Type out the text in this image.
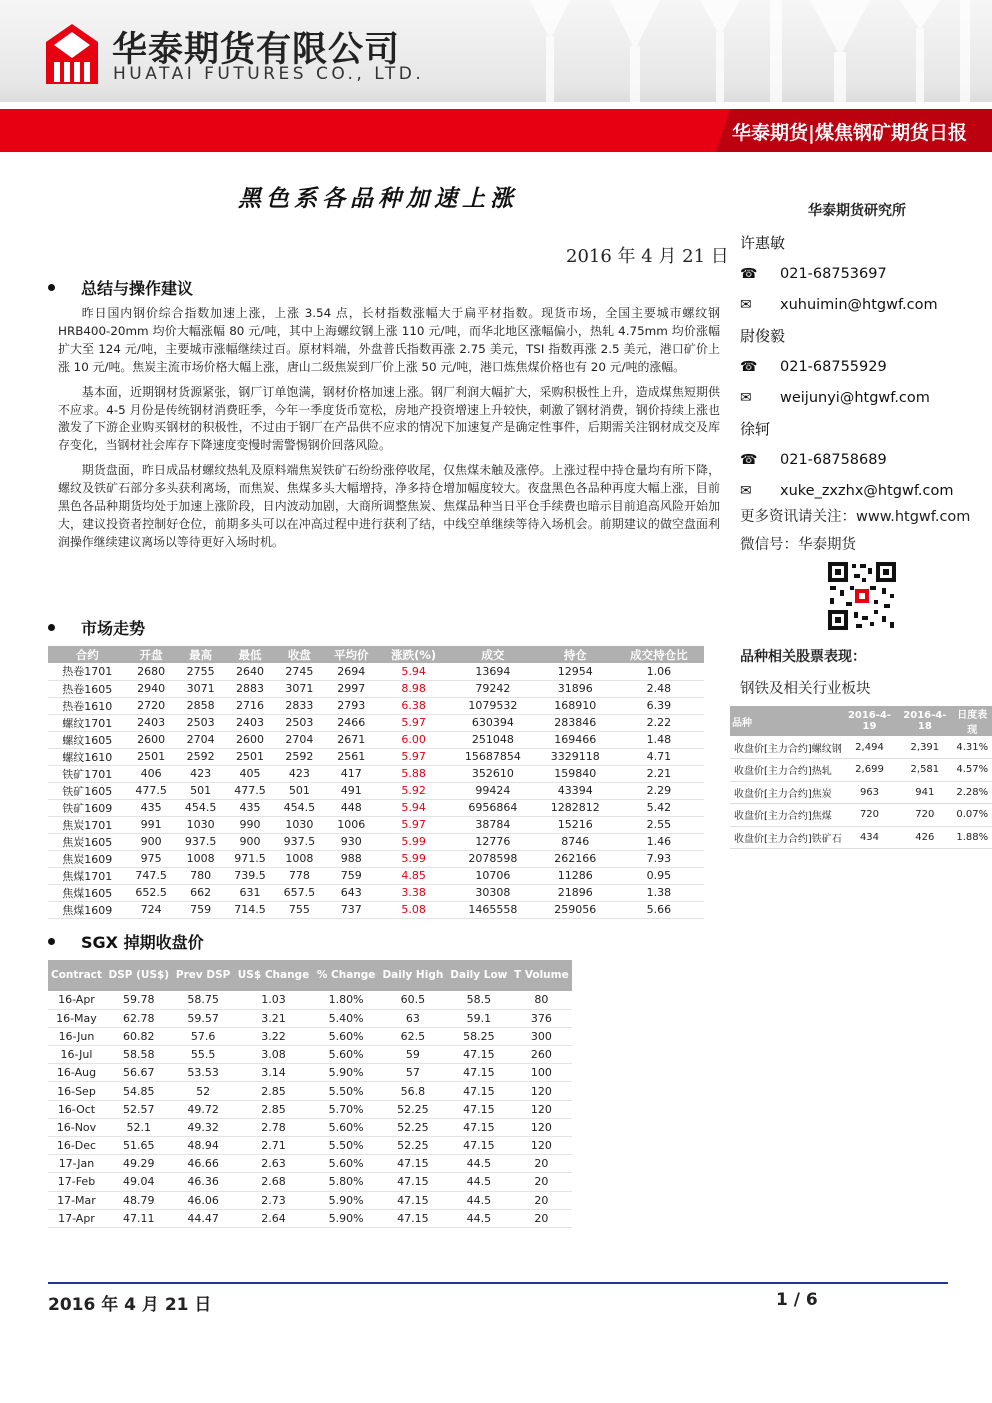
华泰期货有限公司
HUATAI FUTURES CO., LTD.
华泰期货|煤焦钢矿期货日报
黑色系各品种加速上涨	华泰期货研究所
2016 年 4 月 21 日
总结与操作建议

昨日国内钢价综合指数加速上涨，上涨 3.54 点，长材指数涨幅大于扁平材指数。现货市场，全国主要城市螺纹钢HRB400-20mm 均价大幅涨幅 80 元/吨，其中上海螺纹钢上涨 110 元/吨，而华北地区涨幅偏小，热轧 4.75mm 均价涨幅扩大至 124 元/吨，主要城市涨幅继续过百。原材料端，外盘普氏指数再涨 2.75 美元，TSI 指数再涨 2.5 美元，港口矿价上涨 10 元/吨。焦炭主流市场价格大幅上涨，唐山二级焦炭到厂价上涨 50 元/吨，港口炼焦煤价格也有 20 元/吨的涨幅。

基本面，近期钢材货源紧张，钢厂订单饱满，钢材价格加速上涨。钢厂利润大幅扩大，采购积极性上升，造成煤焦短期供不应求。4-5 月份是传统钢材消费旺季，今年一季度货币宽松，房地产投资增速上升较快，刺激了钢材消费，钢价持续上涨也激发了下游企业购买钢材的积极性，不过由于钢厂在产品供不应求的情况下加速复产是确定性事件，后期需关注钢材成交及库存变化，当钢材社会库存下降速度变慢时需警惕钢价回落风险。

期货盘面，昨日成品材螺纹热轧及原料端焦炭铁矿石纷纷涨停收尾，仅焦煤未触及涨停。上涨过程中持仓量均有所下降，螺纹及铁矿石部分多头获利离场，而焦炭、焦煤多头大幅增持，净多持仓增加幅度较大。夜盘黑色各品种再度大幅上涨，目前黑色各品种期货均处于加速上涨阶段，日内波动加剧，大商所调整焦炭、焦煤品种当日平仓手续费也暗示目前追高风险开始加大，建议投资者控制好仓位，前期多头可以在冲高过程中进行获利了结，中线空单继续等待入场机会。前期建议的做空盘面利润操作继续建议离场以等待更好入场时机。

许惠敏
☎ 021-68753697
✉ xuhuimin@htgwf.com
尉俊毅
☎ 021-68755929
✉ weijunyi@htgwf.com
徐轲
☎ 021-68758689
✉ xuke_zxzhx@htgwf.com
更多资讯请关注：www.htgwf.com
微信号：华泰期货
品种相关股票表现：
钢铁及相关行业板块
品种	2016-4-19	2016-4-18	日度表现
收盘价[主力合约]螺纹钢	2,494	2,391	4.31%
收盘价[主力合约]热轧	2,699	2,581	4.57%
收盘价[主力合约]焦炭	963	941	2.28%
收盘价[主力合约]焦煤	720	720	0.07%
收盘价[主力合约]铁矿石	434	426	1.88%
市场走势
合约	开盘	最高	最低	收盘	平均价	涨跌(%)	成交	持仓	成交持仓比
热卷1701	2680	2755	2640	2745	2694	5.94	13694	12954	1.06
热卷1605	2940	3071	2883	3071	2997	8.98	79242	31896	2.48
热卷1610	2720	2858	2716	2833	2793	6.38	1079532	168910	6.39
螺纹1701	2403	2503	2403	2503	2466	5.97	630394	283846	2.22
螺纹1605	2600	2704	2600	2704	2671	6.00	251048	169466	1.48
螺纹1610	2501	2592	2501	2592	2561	5.97	15687854	3329118	4.71
铁矿1701	406	423	405	423	417	5.88	352610	159840	2.21
铁矿1605	477.5	501	477.5	501	491	5.92	99424	43394	2.29
铁矿1609	435	454.5	435	454.5	448	5.94	6956864	1282812	5.42
焦炭1701	991	1030	990	1030	1006	5.97	38784	15216	2.55
焦炭1605	900	937.5	900	937.5	930	5.99	12776	8746	1.46
焦炭1609	975	1008	971.5	1008	988	5.99	2078598	262166	7.93
焦煤1701	747.5	780	739.5	778	759	4.85	10706	11286	0.95
焦煤1605	652.5	662	631	657.5	643	3.38	30308	21896	1.38
焦煤1609	724	759	714.5	755	737	5.08	1465558	259056	5.66
SGX 掉期收盘价
Contract	DSP (US$)	Prev DSP	US$ Change	% Change	Daily High	Daily Low	T Volume
16-Apr	59.78	58.75	1.03	1.80%	60.5	58.5	80
16-May	62.78	59.57	3.21	5.40%	63	59.1	376
16-Jun	60.82	57.6	3.22	5.60%	62.5	58.25	300
16-Jul	58.58	55.5	3.08	5.60%	59	47.15	260
16-Aug	56.67	53.53	3.14	5.90%	57	47.15	100
16-Sep	54.85	52	2.85	5.50%	56.8	47.15	120
16-Oct	52.57	49.72	2.85	5.70%	52.25	47.15	120
16-Nov	52.1	49.32	2.78	5.60%	52.25	47.15	120
16-Dec	51.65	48.94	2.71	5.50%	52.25	47.15	120
17-Jan	49.29	46.66	2.63	5.60%	47.15	44.5	20
17-Feb	49.04	46.36	2.68	5.80%	47.15	44.5	20
17-Mar	48.79	46.06	2.73	5.90%	47.15	44.5	20
17-Apr	47.11	44.47	2.64	5.90%	47.15	44.5	20
2016 年 4 月 21 日	1 / 6
